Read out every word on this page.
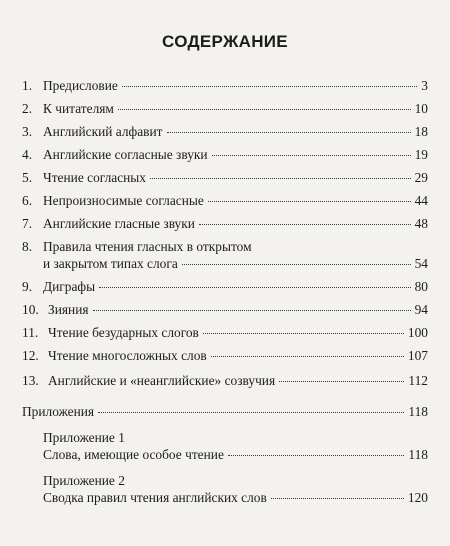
СОДЕРЖАНИЕ
1. Предисловие	3
2. К читателям	10
3. Английский алфавит	18
4. Английские согласные звуки	19
5. Чтение согласных	29
6. Непроизносимые согласные	44
7. Английские гласные звуки	48
8. Правила чтения гласных в открытом
и закрытом типах слога	54
9. Диграфы	80
10. Зияния	94
11. Чтение безударных слогов	100
12. Чтение многосложных слов	107
13. Английские и «неанглийские» созвучия	112
Приложения	118
Приложение 1
Слова, имеющие особое чтение	118
Приложение 2
Сводка правил чтения английских слов	120
